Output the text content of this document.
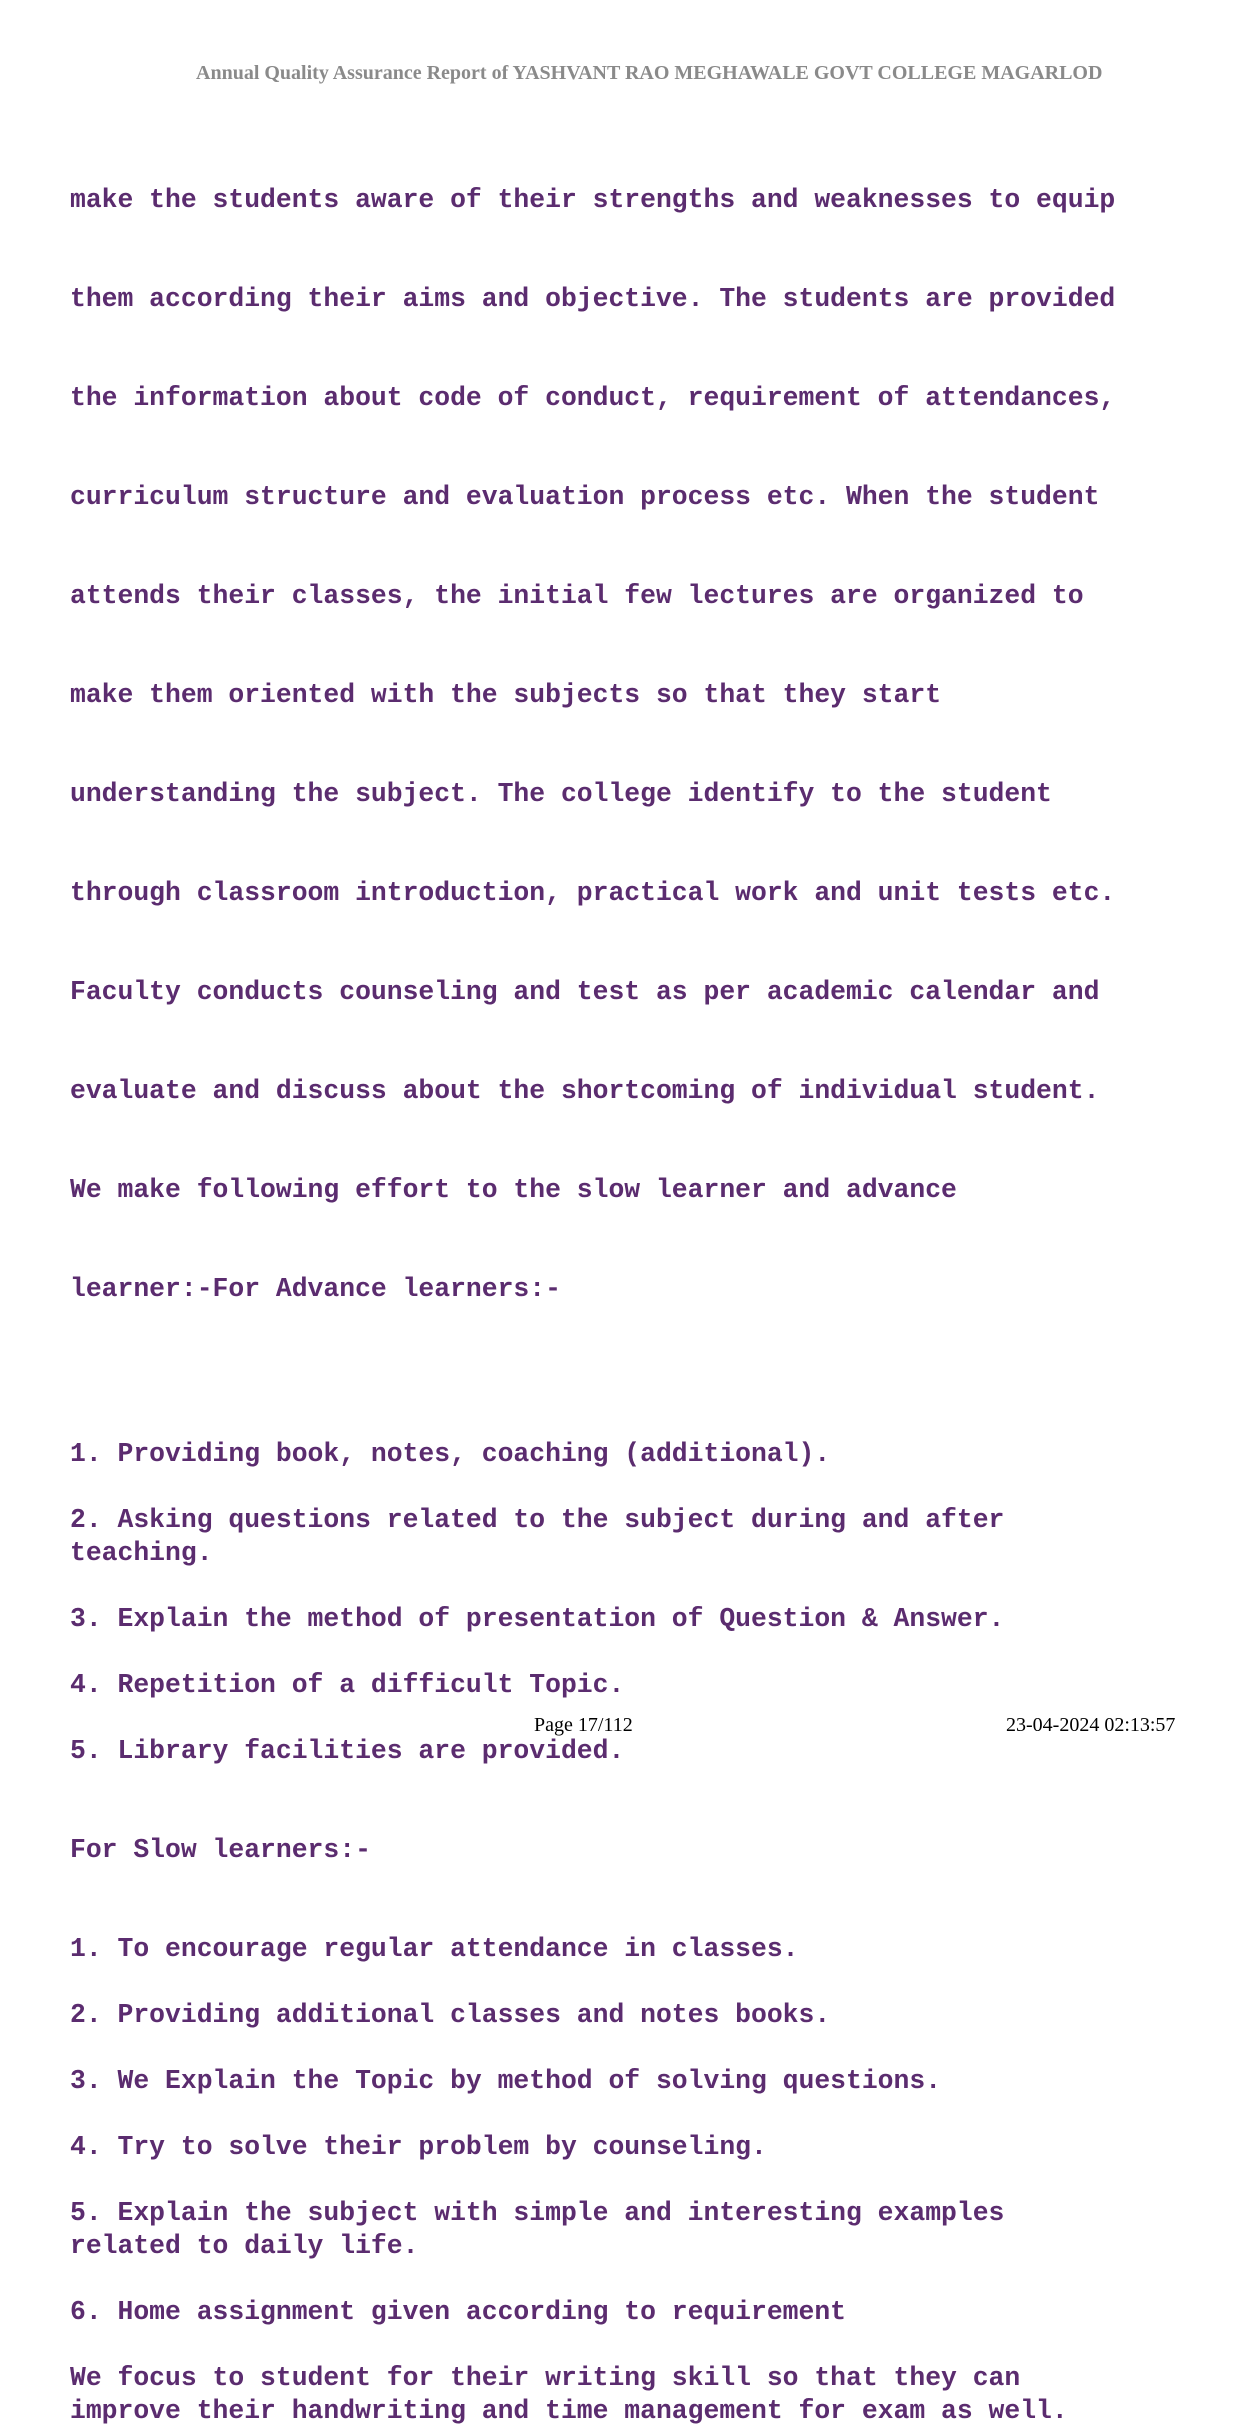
Annual Quality Assurance Report of YASHVANT RAO MEGHAWALE GOVT COLLEGE MAGARLOD

make the students aware of their strengths and weaknesses to equip

them according their aims and objective. The students are provided

the information about code of conduct, requirement of attendances,

curriculum structure and evaluation process etc. When the student

attends their classes, the initial few lectures are organized to

make them oriented with the subjects so that they start

understanding the subject. The college identify to the student

through classroom introduction, practical work and unit tests etc.

Faculty conducts counseling and test as per academic calendar and

evaluate and discuss about the shortcoming of individual student.

We make following effort to the slow learner and advance

learner:-For Advance learners:-

1. Providing book, notes, coaching (additional).
2. Asking questions related to the subject during and after
teaching.
3. Explain the method of presentation of Question & Answer.
4. Repetition of a difficult Topic.
5. Library facilities are provided.
For Slow learners:-
1. To encourage regular attendance in classes.
2. Providing additional classes and notes books.
3. We Explain the Topic by method of solving questions.
4. Try to solve their problem by counseling.
5. Explain the subject with simple and interesting examples
related to daily life.
6. Home assignment given according to requirement
We focus to student for their writing skill so that they can
improve their handwriting and time management for exam as well.
Page 17/112	23-04-2024 02:13:57
